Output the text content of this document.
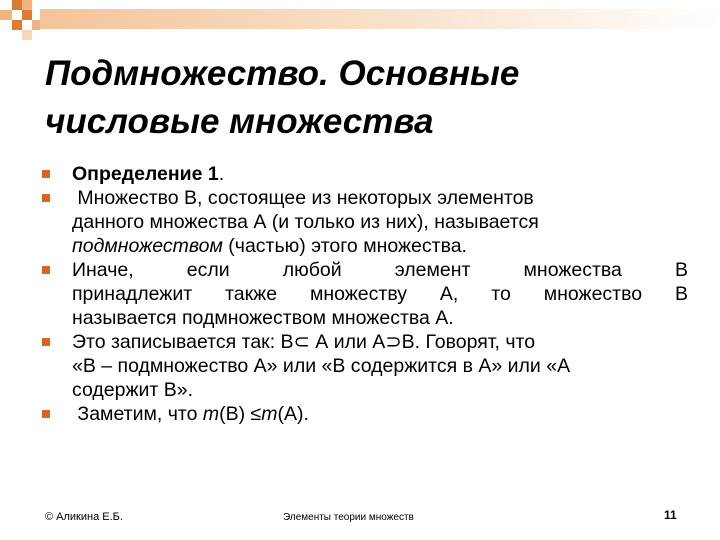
Подмножество. Основные
числовые множества
Определение 1.
Множество В, состоящее из некоторых элементов
данного множества А (и только из них), называется
подмножеством (частью) этого множества.
Иначе, если любой элемент множества В
принадлежит также множеству А, то множество В
называется подмножеством множества А.
Это записывается так: В⊂ А или А⊃В. Говорят, что
«В – подмножество А» или «В содержится в А» или «А
содержит В».
Заметим, что m(В) ≤m(А).
© Аликина Е.Б.	Элементы теории множеств	11
